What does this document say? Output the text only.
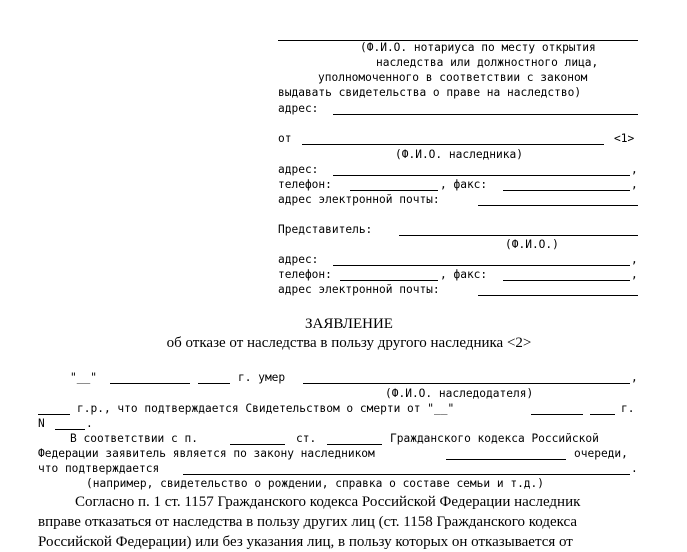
(Ф.И.О. нотариуса по месту открытия
наследства или должностного лица,
уполномоченного в соответствии с законом
выдавать свидетельства о праве на наследство)
адрес:
от	<1>
(Ф.И.О. наследника)
адрес:	,
телефон:	, факс:	,
адрес электронной почты:
Представитель:
(Ф.И.О.)
адрес:	,
телефон:	, факс:	,
адрес электронной почты:
ЗАЯВЛЕНИЕ
об отказе от наследства в пользу другого наследника <2>
"__"	г. умер	,
(Ф.И.О. наследодателя)
г.р., что подтверждается Свидетельством о смерти от "__"	г.
N	.
В соответствии с п.	ст.	Гражданского кодекса Российской
Федерации заявитель является по закону наследником	очереди,
что подтверждается	.
(например, свидетельство о рождении, справка о составе семьи и т.д.)
Согласно п. 1 ст. 1157 Гражданского кодекса Российской Федерации наследник
вправе отказаться от наследства в пользу других лиц (ст. 1158 Гражданского кодекса
Российской Федерации) или без указания лиц, в пользу которых он отказывается от
